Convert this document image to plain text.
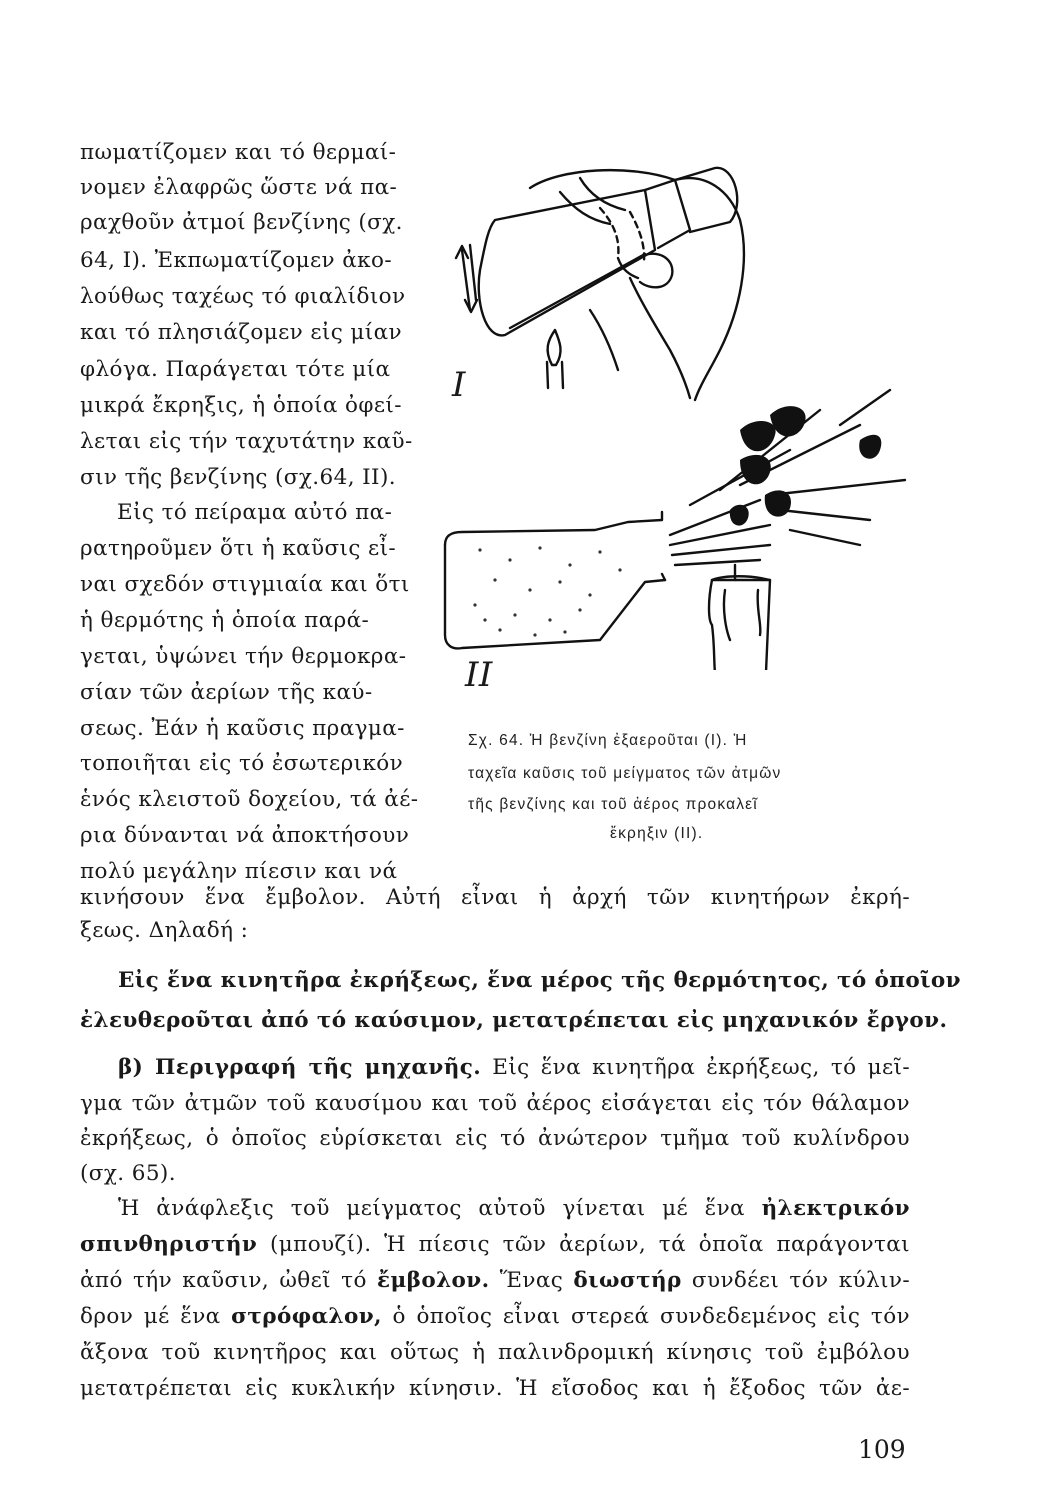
πωματίζομεν και τό θερμαί-
νομεν ἐλαφρῶς ὥστε νά πα-
ραχθοῦν ἀτμοί βενζίνης (σχ.
64, I). Ἐκπωματίζομεν ἀκο-
λούθως ταχέως τό φιαλίδιον
και τό πλησιάζομεν εἰς μίαν
φλόγα. Παράγεται τότε μία
μικρά ἔκρηξις, ἡ ὁποία ὀφεί-
λεται εἰς τήν ταχυτάτην καῦ-
σιν τῆς βενζίνης (σχ.64, II).
Εἰς τό πείραμα αὐτό πα-
ρατηροῦμεν ὅτι ἡ καῦσις εἶ-
ναι σχεδόν στιγμιαία και ὅτι
ἡ θερμότης ἡ ὁποία παρά-
γεται, ὑψώνει τήν θερμοκρα-
σίαν τῶν ἀερίων τῆς καύ-
σεως. Ἐάν ἡ καῦσις πραγμα-
τοποιῆται εἰς τό ἐσωτερικόν
ἑνός κλειστοῦ δοχείου, τά ἀέ-
ρια δύνανται νά ἀποκτήσουν
πολύ μεγάλην πίεσιν και νά
I
II
Σχ. 64. Ἡ βενζίνη ἐξαεροῦται (I). Ἡ
ταχεῖα καῦσις τοῦ μείγματος τῶν ἀτμῶν
τῆς βενζίνης και τοῦ ἀέρος προκαλεῖ
ἔκρηξιν (II).
κινήσουν ἕνα ἔμβολον. Αὐτή εἶναι ἡ ἀρχή τῶν κινητήρων ἐκρή-
ξεως. Δηλαδή :
Εἰς ἕνα κινητῆρα ἐκρήξεως, ἕνα μέρος τῆς θερμότητος, τό ὁποῖον
ἐλευθεροῦται ἀπό τό καύσιμον, μετατρέπεται εἰς μηχανικόν ἔργον.
β) Περιγραφή τῆς μηχανῆς. Εἰς ἕνα κινητῆρα ἐκρήξεως, τό μεῖ-
γμα τῶν ἀτμῶν τοῦ καυσίμου και τοῦ ἀέρος εἰσάγεται εἰς τόν θάλαμον
ἐκρήξεως, ὁ ὁποῖος εὑρίσκεται εἰς τό ἀνώτερον τμῆμα τοῦ κυλίνδρου
(σχ. 65).
Ἡ ἀνάφλεξις τοῦ μείγματος αὐτοῦ γίνεται μέ ἕνα ἠλεκτρικόν
σπινθηριστήν (μπουζί). Ἡ πίεσις τῶν ἀερίων, τά ὁποῖα παράγονται
ἀπό τήν καῦσιν, ὠθεῖ τό ἔμβολον. Ἕνας διωστήρ συνδέει τόν κύλιν-
δρον μέ ἕνα στρόφαλον, ὁ ὁποῖος εἶναι στερεά συνδεδεμένος εἰς τόν
ἄξονα τοῦ κινητῆρος και οὕτως ἡ παλινδρομική κίνησις τοῦ ἐμβόλου
μετατρέπεται εἰς κυκλικήν κίνησιν. Ἡ εἴσοδος και ἡ ἔξοδος τῶν ἀε-
109
